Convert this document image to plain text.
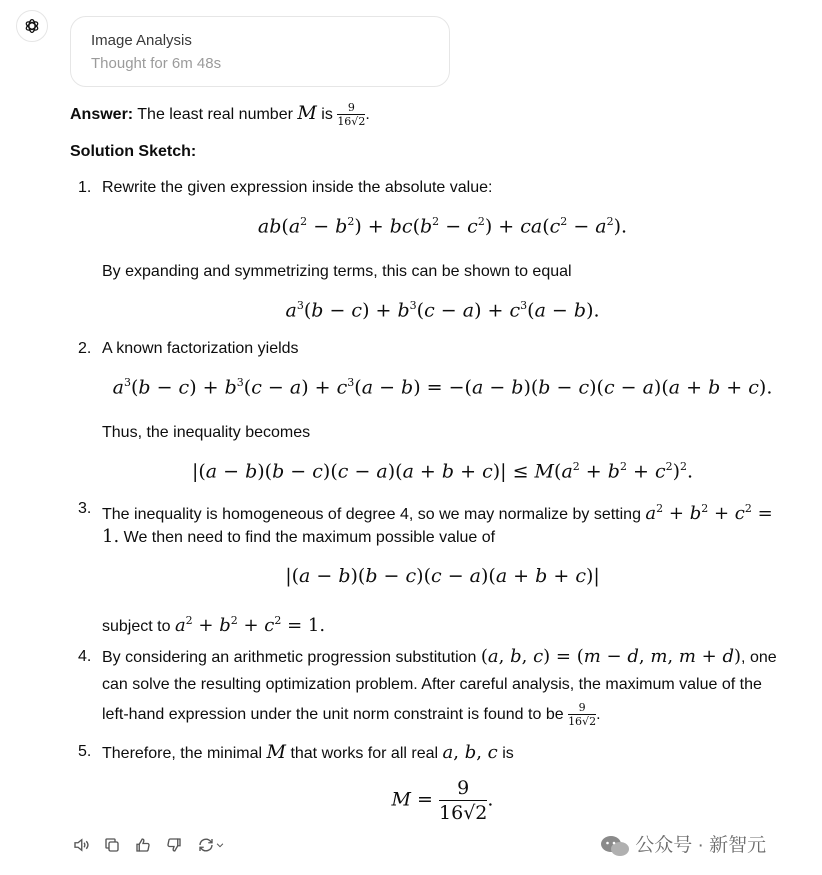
Image Analysis
Thought for 6m 48s
Answer: The least real number M is $\frac{9}{16√2}$ .
Solution Sketch:
1. Rewrite the given expression inside the absolute value:
$ab(a^2 - b^2) + bc(b^2 - c^2) + ca(c^2 - a^2)$.
By expanding and symmetrizing terms, this can be shown to equal
$a^3(b - c) + b^3(c - a) + c^3(a - b)$.
2. A known factorization yields
$a^3(b - c) + b^3(c - a) + c^3(a - b) = -(a - b)(b - c)(c - a)(a + b + c)$.
Thus, the inequality becomes
$|(a - b)(b - c)(c - a)(a + b + c)| \le M(a^2 + b^2 + c^2)^2$.
3. The inequality is homogeneous of degree 4, so we may normalize by setting $a^2 + b^2 + c^2$ =
1. We then need to find the maximum possible value of
|(a − b)(b − c)(c − a)(a + b + c)|
subject to $a^2 + b^2 + c^2 = 1$.
4. By considering an arithmetic progression substitution (a, b, c) = (m − d, m, m + d), one
can solve the resulting optimization problem. After careful analysis, the maximum value of the
left-hand expression under the unit norm constraint is found to be $\frac{9}{16√2}$ .
5. Therefore, the minimal M that works for all real a, b, c is
$M = \frac{9}{16√2}$ .
公众号 · 新智元
